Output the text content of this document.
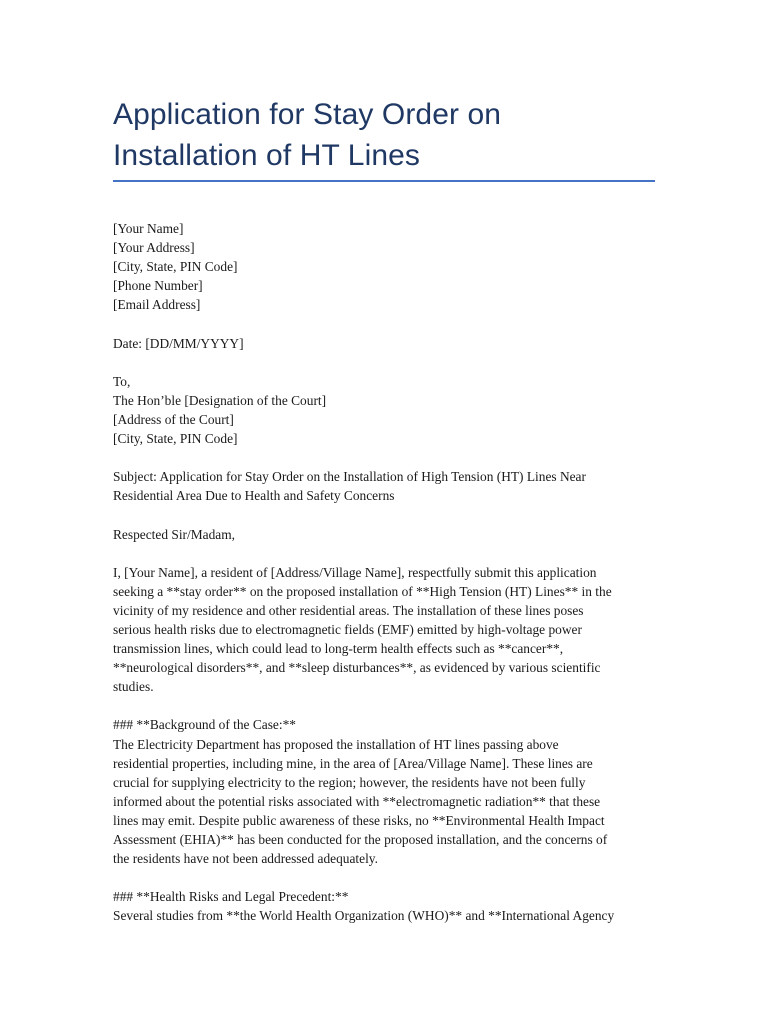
Application for Stay Order on
Installation of HT Lines
[Your Name]
[Your Address]
[City, State, PIN Code]
[Phone Number]
[Email Address]
Date: [DD/MM/YYYY]
To,
The Hon’ble [Designation of the Court]
[Address of the Court]
[City, State, PIN Code]
Subject: Application for Stay Order on the Installation of High Tension (HT) Lines Near
Residential Area Due to Health and Safety Concerns
Respected Sir/Madam,
I, [Your Name], a resident of [Address/Village Name], respectfully submit this application
seeking a **stay order** on the proposed installation of **High Tension (HT) Lines** in the
vicinity of my residence and other residential areas. The installation of these lines poses
serious health risks due to electromagnetic fields (EMF) emitted by high-voltage power
transmission lines, which could lead to long-term health effects such as **cancer**,
**neurological disorders**, and **sleep disturbances**, as evidenced by various scientific
studies.
### **Background of the Case:**
The Electricity Department has proposed the installation of HT lines passing above
residential properties, including mine, in the area of [Area/Village Name]. These lines are
crucial for supplying electricity to the region; however, the residents have not been fully
informed about the potential risks associated with **electromagnetic radiation** that these
lines may emit. Despite public awareness of these risks, no **Environmental Health Impact
Assessment (EHIA)** has been conducted for the proposed installation, and the concerns of
the residents have not been addressed adequately.
### **Health Risks and Legal Precedent:**
Several studies from **the World Health Organization (WHO)** and **International Agency
